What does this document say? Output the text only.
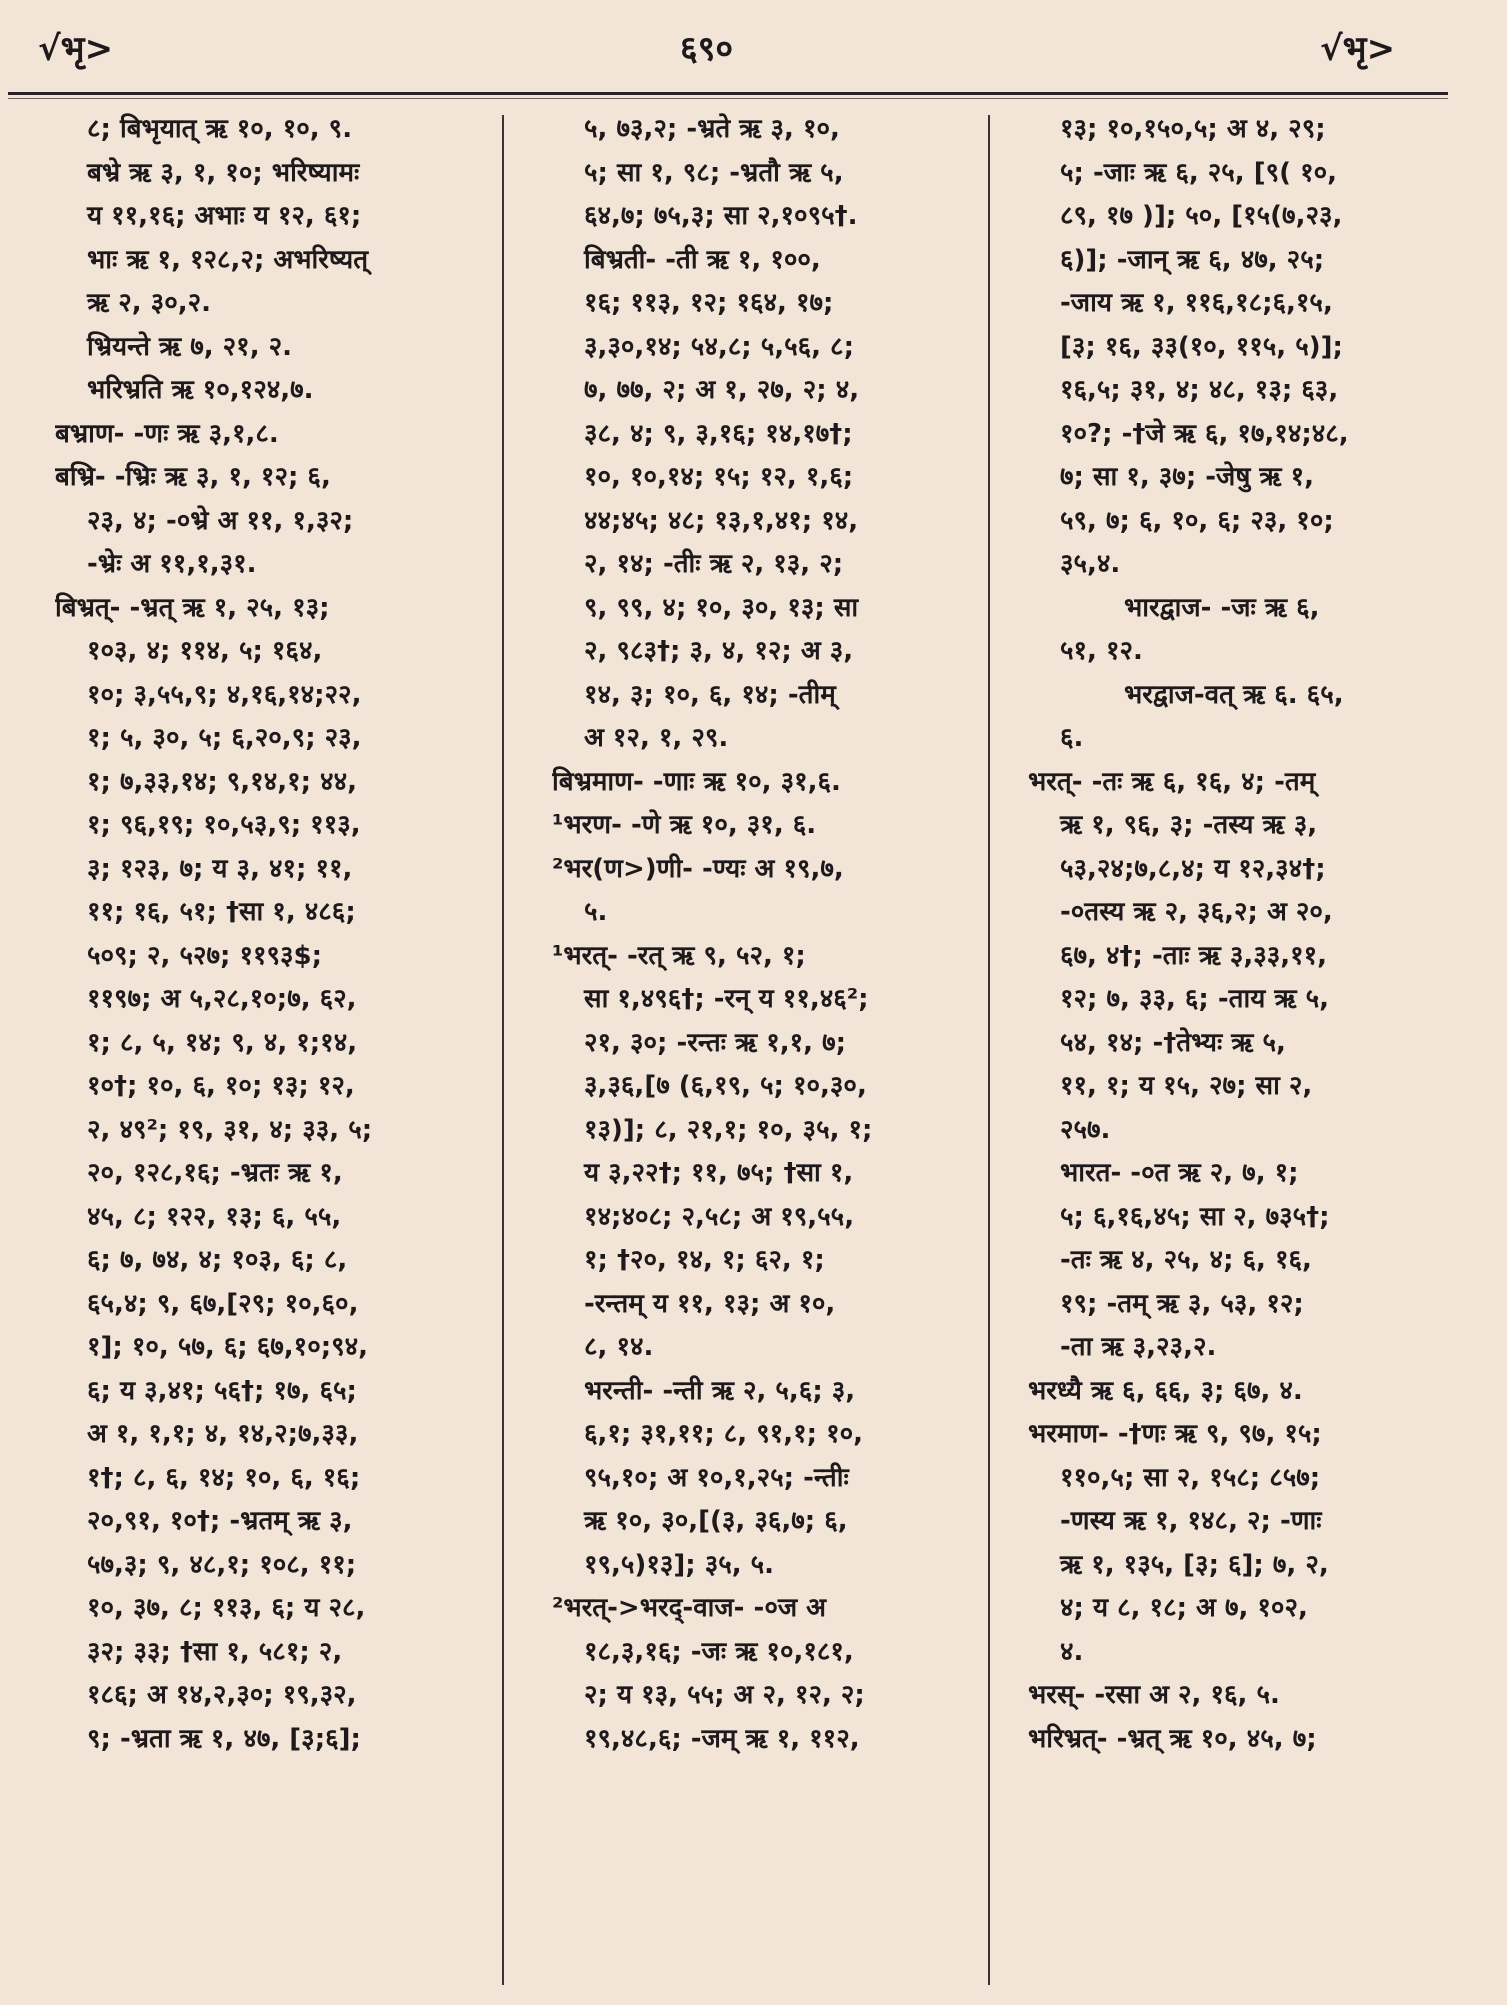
√भृ>	६९०	√भृ>
८; बिभृयात् ऋ १०, १०, ९.
बभ्रे ऋ ३, १, १०; भरिष्यामः
य ११,१६; अभाः य १२, ६१;
भाः ऋ १, १२८,२; अभरिष्यत्
ऋ २, ३०,२.
भ्रियन्ते ऋ ७, २१, २.
भरिभ्रति ऋ १०,१२४,७.
बभ्राण- -णः ऋ ३,१,८.
बभ्रि- -भ्रिः ऋ ३, १, १२; ६,
२३, ४; -०भ्रे अ ११, १,३२;
-भ्रेः अ ११,१,३१.
बिभ्रत्- -भ्रत् ऋ १, २५, १३;
१०३, ४; ११४, ५; १६४,
१०; ३,५५,९; ४,१६,१४;२२,
१; ५, ३०, ५; ६,२०,९; २३,
१; ७,३३,१४; ९,१४,१; ४४,
१; ९६,१९; १०,५३,९; ११३,
३; १२३, ७; य ३, ४१; ११,
११; १६, ५१; †सा १, ४८६;
५०९; २, ५२७; ११९३$;
११९७; अ ५,२८,१०;७, ६२,
१; ८, ५, १४; ९, ४, १;१४,
१०†; १०, ६, १०; १३; १२,
२, ४९²; १९, ३१, ४; ३३, ५;
२०, १२८,१६; -भ्रतः ऋ १,
४५, ८; १२२, १३; ६, ५५,
६; ७, ७४, ४; १०३, ६; ८,
६५,४; ९, ६७,[२९; १०,६०,
१]; १०, ५७, ६; ६७,१०;९४,
६; य ३,४१; ५६†; १७, ६५;
अ १, १,१; ४, १४,२;७,३३,
१†; ८, ६, १४; १०, ६, १६;
२०,९१, १०†; -भ्रतम् ऋ ३,
५७,३; ९, ४८,१; १०८, ११;
१०, ३७, ८; ११३, ६; य २८,
३२; ३३; †सा १, ५८१; २,
१८६; अ १४,२,३०; १९,३२,
९; -भ्रता ऋ १, ४७, [३;६];
५, ७३,२; -भ्रते ऋ ३, १०,
५; सा १, ९८; -भ्रतौ ऋ ५,
६४,७; ७५,३; सा २,१०९५†.
बिभ्रती- -ती ऋ १, १००,
१६; ११३, १२; १६४, १७;
३,३०,१४; ५४,८; ५,५६, ८;
७, ७७, २; अ १, २७, २; ४,
३८, ४; ९, ३,१६; १४,१७†;
१०, १०,१४; १५; १२, १,६;
४४;४५; ४८; १३,१,४१; १४,
२, १४; -तीः ऋ २, १३, २;
९, ९९, ४; १०, ३०, १३; सा
२, ९८३†; ३, ४, १२; अ ३,
१४, ३; १०, ६, १४; -तीम्
अ १२, १, २९.
बिभ्रमाण- -णाः ऋ १०, ३१,६.
¹भरण- -णे ऋ १०, ३१, ६.
²भर(ण>)णी- -ण्यः अ १९,७,
५.
¹भरत्- -रत् ऋ ९, ५२, १;
सा १,४९६†; -रन् य ११,४६²;
२१, ३०; -रन्तः ऋ १,१, ७;
३,३६,[७ (६,१९, ५; १०,३०,
१३)]; ८, २१,१; १०, ३५, १;
य ३,२२†; ११, ७५; †सा १,
१४;४०८; २,५८; अ १९,५५,
१; †२०, १४, १; ६२, १;
-रन्तम् य ११, १३; अ १०,
८, १४.
भरन्ती- -न्ती ऋ २, ५,६; ३,
६,१; ३१,११; ८, ९१,१; १०,
९५,१०; अ १०,१,२५; -न्तीः
ऋ १०, ३०,[(३, ३६,७; ६,
१९,५)१३]; ३५, ५.
²भरत्->भरद्-वाज- -०ज अ
१८,३,१६; -जः ऋ १०,१८१,
२; य १३, ५५; अ २, १२, २;
१९,४८,६; -जम् ऋ १, ११२,
१३; १०,१५०,५; अ ४, २९;
५; -जाः ऋ ६, २५, [९( १०,
८९, १७ )]; ५०, [१५(७,२३,
६)]; -जान् ऋ ६, ४७, २५;
-जाय ऋ १, ११६,१८;६,१५,
[३; १६, ३३(१०, ११५, ५)];
१६,५; ३१, ४; ४८, १३; ६३,
१०?; -†जे ऋ ६, १७,१४;४८,
७; सा १, ३७; -जेषु ऋ १,
५९, ७; ६, १०, ६; २३, १०;
३५,४.
भारद्वाज- -जः ऋ ६,
५१, १२.
भरद्वाज-वत् ऋ ६. ६५,
६.
भरत्- -तः ऋ ६, १६, ४; -तम्
ऋ १, ९६, ३; -तस्य ऋ ३,
५३,२४;७,८,४; य १२,३४†;
-०तस्य ऋ २, ३६,२; अ २०,
६७, ४†; -ताः ऋ ३,३३,११,
१२; ७, ३३, ६; -ताय ऋ ५,
५४, १४; -†तेभ्यः ऋ ५,
११, १; य १५, २७; सा २,
२५७.
भारत- -०त ऋ २, ७, १;
५; ६,१६,४५; सा २, ७३५†;
-तः ऋ ४, २५, ४; ६, १६,
१९; -तम् ऋ ३, ५३, १२;
-ता ऋ ३,२३,२.
भरध्यै ऋ ६, ६६, ३; ६७, ४.
भरमाण- -†णः ऋ ९, ९७, १५;
११०,५; सा २, १५८; ८५७;
-णस्य ऋ १, १४८, २; -णाः
ऋ १, १३५, [३; ६]; ७, २,
४; य ८, १८; अ ७, १०२,
४.
भरस्- -रसा अ २, १६, ५.
भरिभ्रत्- -भ्रत् ऋ १०, ४५, ७;
